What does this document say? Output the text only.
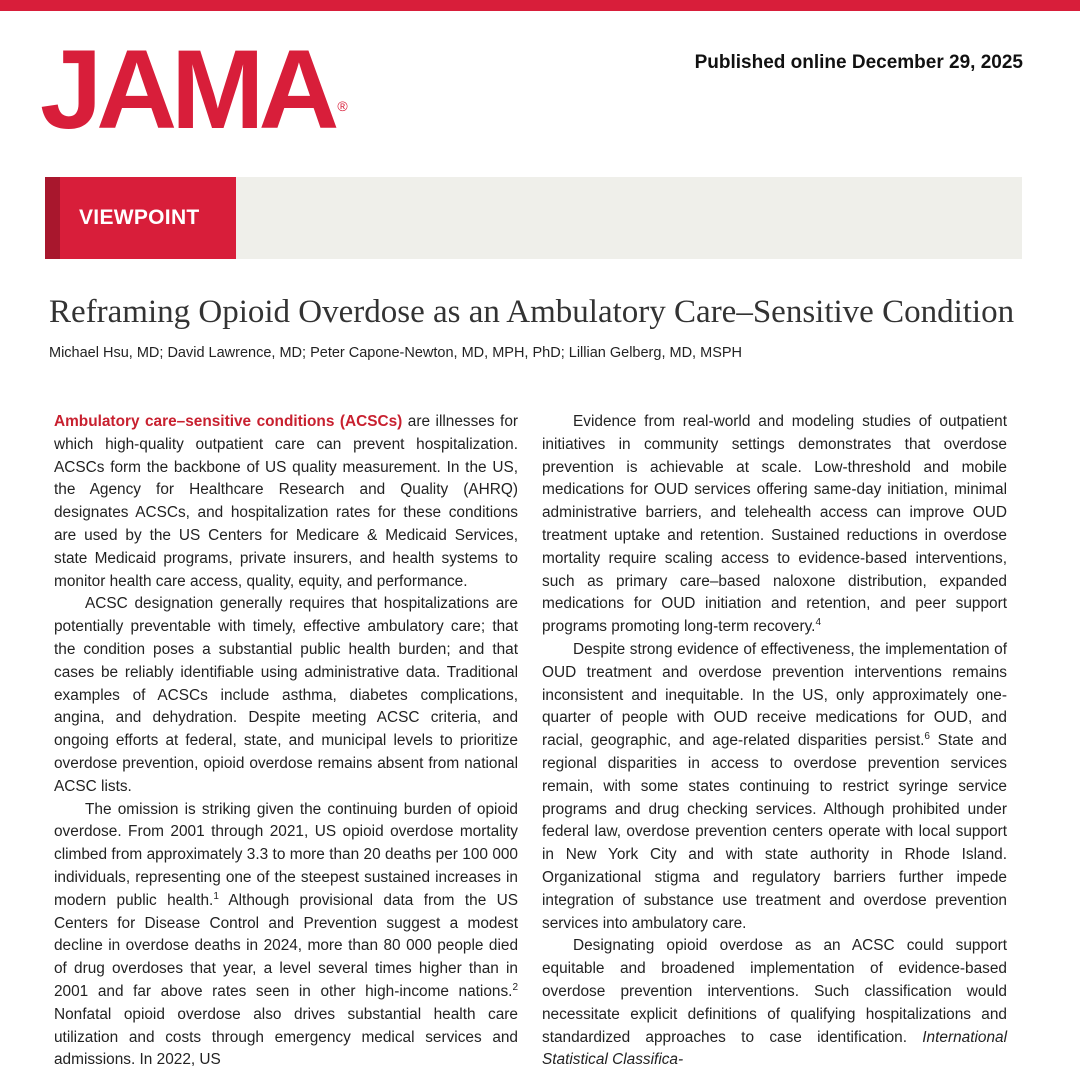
JAMA ®
Published online December 29, 2025
VIEWPOINT
Reframing Opioid Overdose as an Ambulatory Care–Sensitive Condition
Michael Hsu, MD; David Lawrence, MD; Peter Capone-Newton, MD, MPH, PhD; Lillian Gelberg, MD, MSPH

Ambulatory care–sensitive conditions (ACSCs) are illnesses for which high-quality outpatient care can prevent hospitalization. ACSCs form the backbone of US quality measurement. In the US, the Agency for Healthcare Research and Quality (AHRQ) designates ACSCs, and hospitalization rates for these conditions are used by the US Centers for Medicare & Medicaid Services, state Medicaid programs, private insurers, and health systems to monitor health care access, quality, equity, and performance.

ACSC designation generally requires that hospitalizations are potentially preventable with timely, effective ambulatory care; that the condition poses a substantial public health burden; and that cases be reliably identifiable using administrative data. Traditional examples of ACSCs include asthma, diabetes complications, angina, and dehydration. Despite meeting ACSC criteria, and ongoing efforts at federal, state, and municipal levels to prioritize overdose prevention, opioid overdose remains absent from national ACSC lists.

The omission is striking given the continuing burden of opioid overdose. From 2001 through 2021, US opioid overdose mortality climbed from approximately 3.3 to more than 20 deaths per 100 000 individuals, representing one of the steepest sustained increases in modern public health.$^1$ Although provisional data from the US Centers for Disease Control and Prevention suggest a modest decline in overdose deaths in 2024, more than 80 000 people died of drug overdoses that year, a level several times higher than in 2001 and far above rates seen in other high-income nations.$^2$ Nonfatal opioid overdose also drives substantial health care utilization and costs through emergency medical services and admissions. In 2022, US

Evidence from real-world and modeling studies of outpatient initiatives in community settings demonstrates that overdose prevention is achievable at scale. Low-threshold and mobile medications for OUD services offering same-day initiation, minimal administrative barriers, and telehealth access can improve OUD treatment uptake and retention. Sustained reductions in overdose mortality require scaling access to evidence-based interventions, such as primary care–based naloxone distribution, expanded medications for OUD initiation and retention, and peer support programs promoting long-term recovery.$^4$

Despite strong evidence of effectiveness, the implementation of OUD treatment and overdose prevention interventions remains inconsistent and inequitable. In the US, only approximately one-quarter of people with OUD receive medications for OUD, and racial, geographic, and age-related disparities persist.$^6$ State and regional disparities in access to overdose prevention services remain, with some states continuing to restrict syringe service programs and drug checking services. Although prohibited under federal law, overdose prevention centers operate with local support in New York City and with state authority in Rhode Island. Organizational stigma and regulatory barriers further impede integration of substance use treatment and overdose prevention services into ambulatory care.

Designating opioid overdose as an ACSC could support equitable and broadened implementation of evidence-based overdose prevention interventions. Such classification would necessitate explicit definitions of qualifying hospitalizations and standardized approaches to case identification. International Statistical Classifica-
